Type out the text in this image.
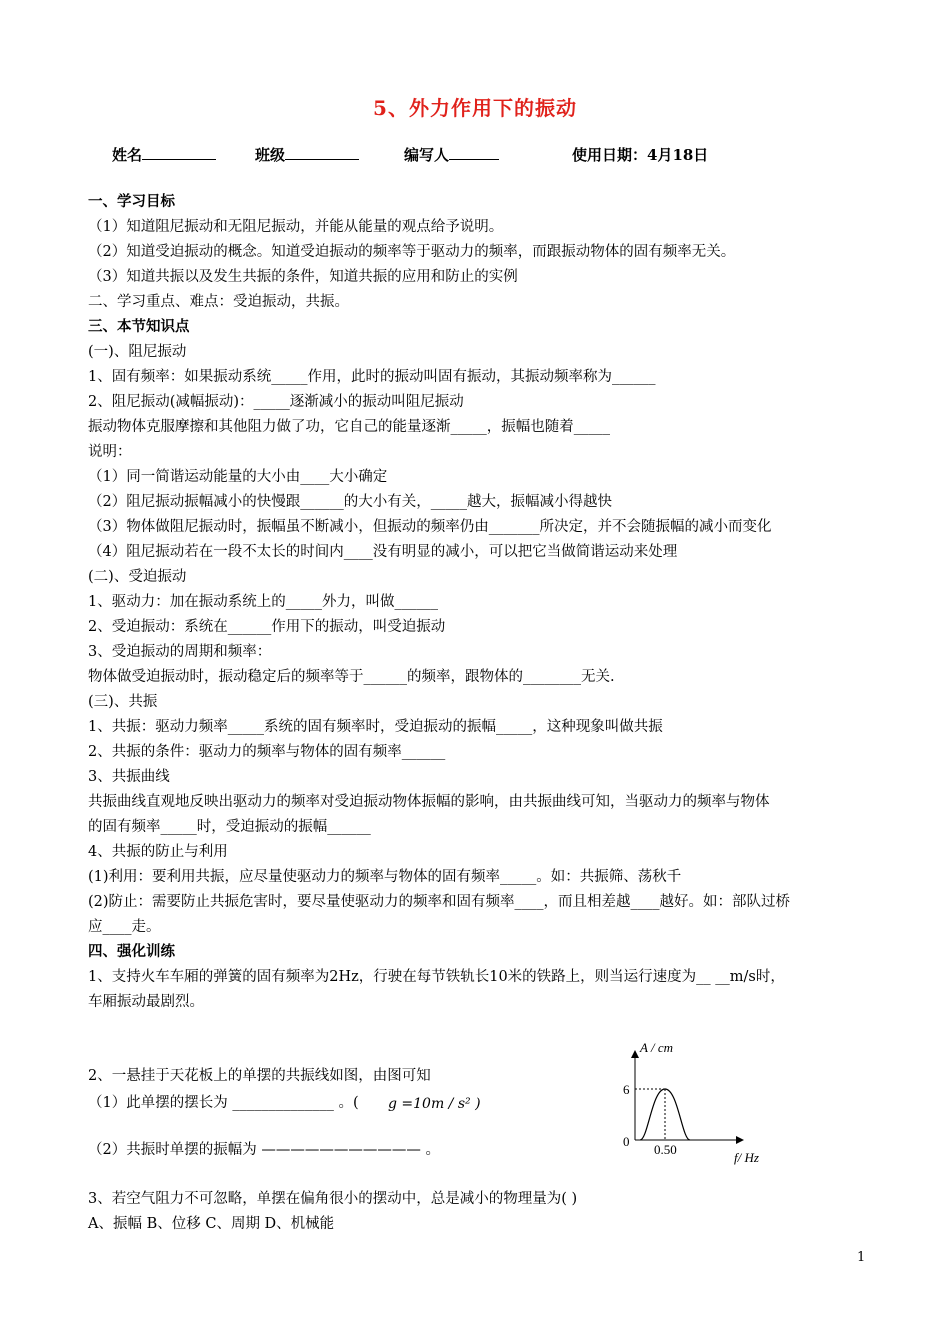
5、外力作用下的振动
姓名	班级	编写人	使用日期：4月18日
一、学习目标
（1）知道阻尼振动和无阻尼振动，并能从能量的观点给予说明。
（2）知道受迫振动的概念。知道受迫振动的频率等于驱动力的频率，而跟振动物体的固有频率无关。
（3）知道共振以及发生共振的条件，知道共振的应用和防止的实例
二、学习重点、难点：受迫振动，共振。
三、本节知识点
(一)、阻尼振动
1、固有频率：如果振动系统_____作用，此时的振动叫固有振动，其振动频率称为______
2、阻尼振动(减幅振动)：_____逐渐减小的振动叫阻尼振动
振动物体克服摩擦和其他阻力做了功，它自己的能量逐渐_____，振幅也随着_____
说明：
（1）同一简谐运动能量的大小由____大小确定
（2）阻尼振动振幅减小的快慢跟______的大小有关，_____越大，振幅减小得越快
（3）物体做阻尼振动时，振幅虽不断减小，但振动的频率仍由_______所决定，并不会随振幅的减小而变化
（4）阻尼振动若在一段不太长的时间内____没有明显的减小，可以把它当做简谐运动来处理
(二)、受迫振动
1、驱动力：加在振动系统上的_____外力，叫做______
2、受迫振动：系统在______作用下的振动，叫受迫振动
3、受迫振动的周期和频率：
物体做受迫振动时，振动稳定后的频率等于______的频率，跟物体的________无关.
(三)、共振
1、共振：驱动力频率_____系统的固有频率时，受迫振动的振幅_____，这种现象叫做共振
2、共振的条件：驱动力的频率与物体的固有频率______
3、共振曲线
共振曲线直观地反映出驱动力的频率对受迫振动物体振幅的影响，由共振曲线可知，当驱动力的频率与物体
的固有频率_____时，受迫振动的振幅______
4、共振的防止与利用
(1)利用：要利用共振，应尽量使驱动力的频率与物体的固有频率_____。如：共振筛、荡秋千
(2)防止：需要防止共振危害时，要尽量使驱动力的频率和固有频率____，而且相差越____越好。如：部队过桥
应____走。
四、强化训练
1、支持火车车厢的弹簧的固有频率为2Hz，行驶在每节铁轨长10米的铁路上，则当运行速度为__ __m/s时，
车厢振动最剧烈。
2、一悬挂于天花板上的单摆的共振线如图，由图可知
（1）此单摆的摆长为 ______________ 。( g =10m / s² )
（2）共振时单摆的振幅为 ——————————— 。
3、若空气阻力不可忽略，单摆在偏角很小的摆动中，总是减小的物理量为( )
A、振幅 B、位移 C、周期 D、机械能
A / cm
6
0
0.50
f/ Hz
1
